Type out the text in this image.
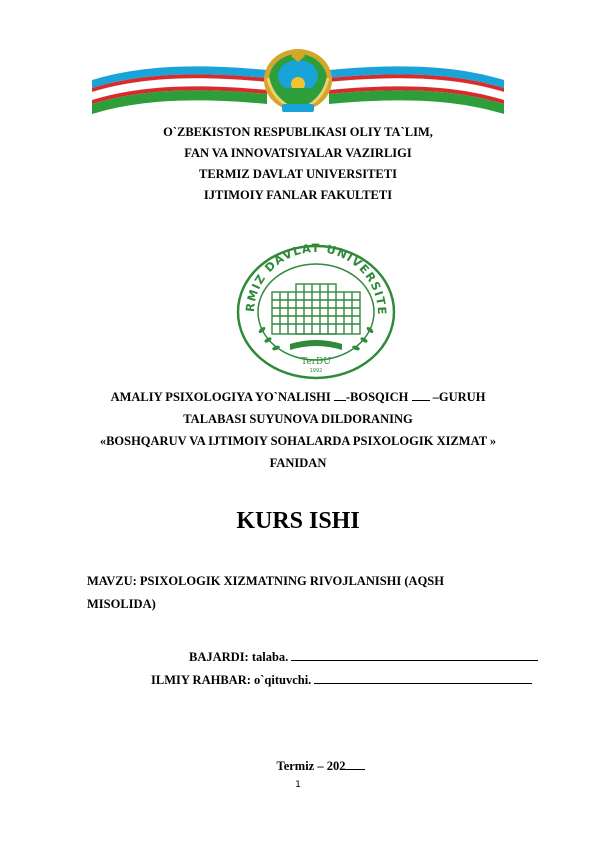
O`ZBEKISTON RESPUBLIKASI OLIY TA`LIM,
FAN VA INNOVATSIYALAR VAZIRLIGI
TERMIZ DAVLAT UNIVERSITETI
IJTIMOIY FANLAR FAKULTETI
RMIZ DAVLAT UNIVERSITE
TerDU
1992
AMALIY PSIXOLOGIYA YO`NALISHI -BOSQICH  –GURUH
TALABASI SUYUNOVA DILDORANING
«BOSHQARUV VA IJTIMOIY SOHALARDA PSIXOLOGIK XIZMAT »
FANIDAN
KURS ISHI
MAVZU: PSIXOLOGIK XIZMATNING RIVOJLANISHI (AQSH
MISOLIDA)
BAJARDI: talaba.
ILMIY RAHBAR: o`qituvchi.
Termiz – 202
1
